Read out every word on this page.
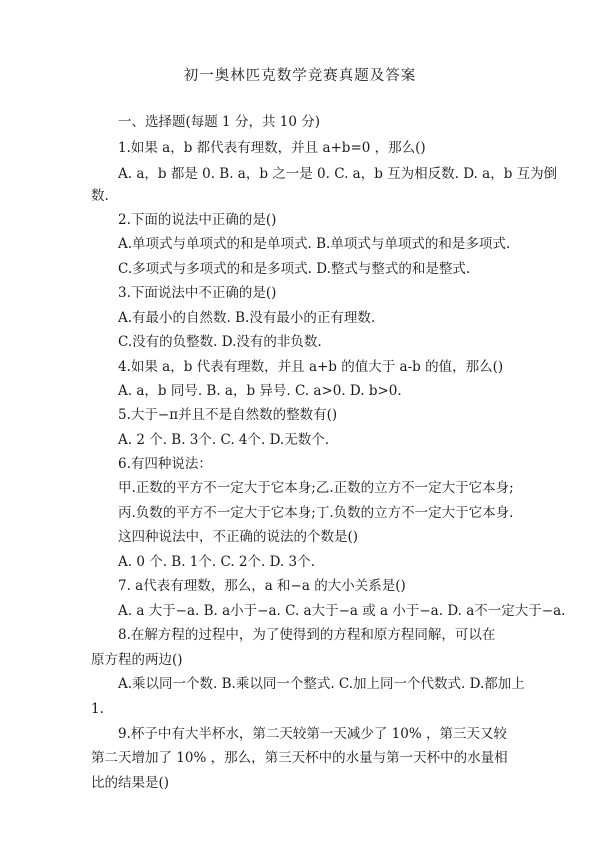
初一奥林匹克数学竞赛真题及答案
一、选择题(每题 1 分，共 10 分)
1.如果 a，b 都代表有理数，并且 a+b=0 ，那么()
A. a，b 都是 0. B. a，b 之一是 0. C. a，b 互为相反数. D. a，b 互为倒
数.
2.下面的说法中正确的是()
A.单项式与单项式的和是单项式. B.单项式与单项式的和是多项式.
C.多项式与多项式的和是多项式. D.整式与整式的和是整式.
3.下面说法中不正确的是()
A.有最小的自然数. B.没有最小的正有理数.
C.没有的负整数. D.没有的非负数.
4.如果 a，b 代表有理数，并且 a+b 的值大于 a-b 的值，那么()
A. a，b 同号. B. a，b 异号. C. a>0. D. b>0.
5.大于−π并且不是自然数的整数有()
A. 2 个. B. 3个. C. 4个. D.无数个.
6.有四种说法：
甲.正数的平方不一定大于它本身;乙.正数的立方不一定大于它本身;
丙.负数的平方不一定大于它本身;丁.负数的立方不一定大于它本身.
这四种说法中，不正确的说法的个数是()
A. 0 个. B. 1个. C. 2个. D. 3个.
7. a代表有理数，那么，a 和−a 的大小关系是()
A. a 大于−a. B. a小于−a. C. a大于−a 或 a 小于−a. D. a不一定大于−a.
8.在解方程的过程中，为了使得到的方程和原方程同解，可以在
原方程的两边()
A.乘以同一个数. B.乘以同一个整式. C.加上同一个代数式. D.都加上
1.
9.杯子中有大半杯水，第二天较第一天减少了 10% ，第三天又较
第二天增加了 10% ，那么，第三天杯中的水量与第一天杯中的水量相
比的结果是()
